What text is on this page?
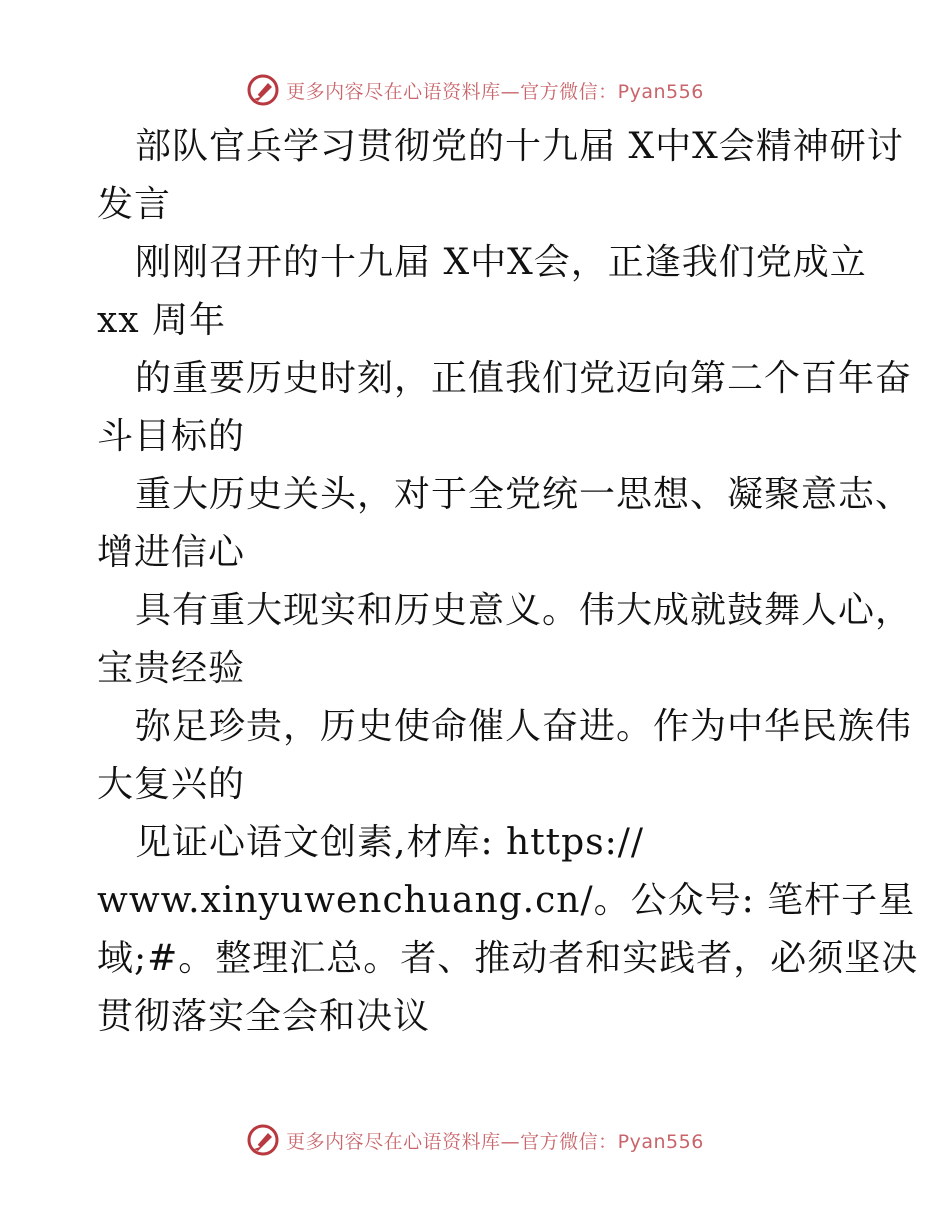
更多内容尽在心语资料库—官方微信：Pyan556
部队官兵学习贯彻党的十九届 X中X会精神研讨
发言
刚刚召开的十九届 X中X会，正逢我们党成立
xx 周年
的重要历史时刻，正值我们党迈向第二个百年奋
斗目标的
重大历史关头，对于全党统一思想、凝聚意志、
增进信心
具有重大现实和历史意义。伟大成就鼓舞人心，
宝贵经验
弥足珍贵，历史使命催人奋进。作为中华民族伟
大复兴的
见证心语文创素,材库: https://
www.xinyuwenchuang.cn/。公众号: 笔杆子星
域;#。整理汇总。者、推动者和实践者，必须坚决
贯彻落实全会和决议
更多内容尽在心语资料库—官方微信：Pyan556
